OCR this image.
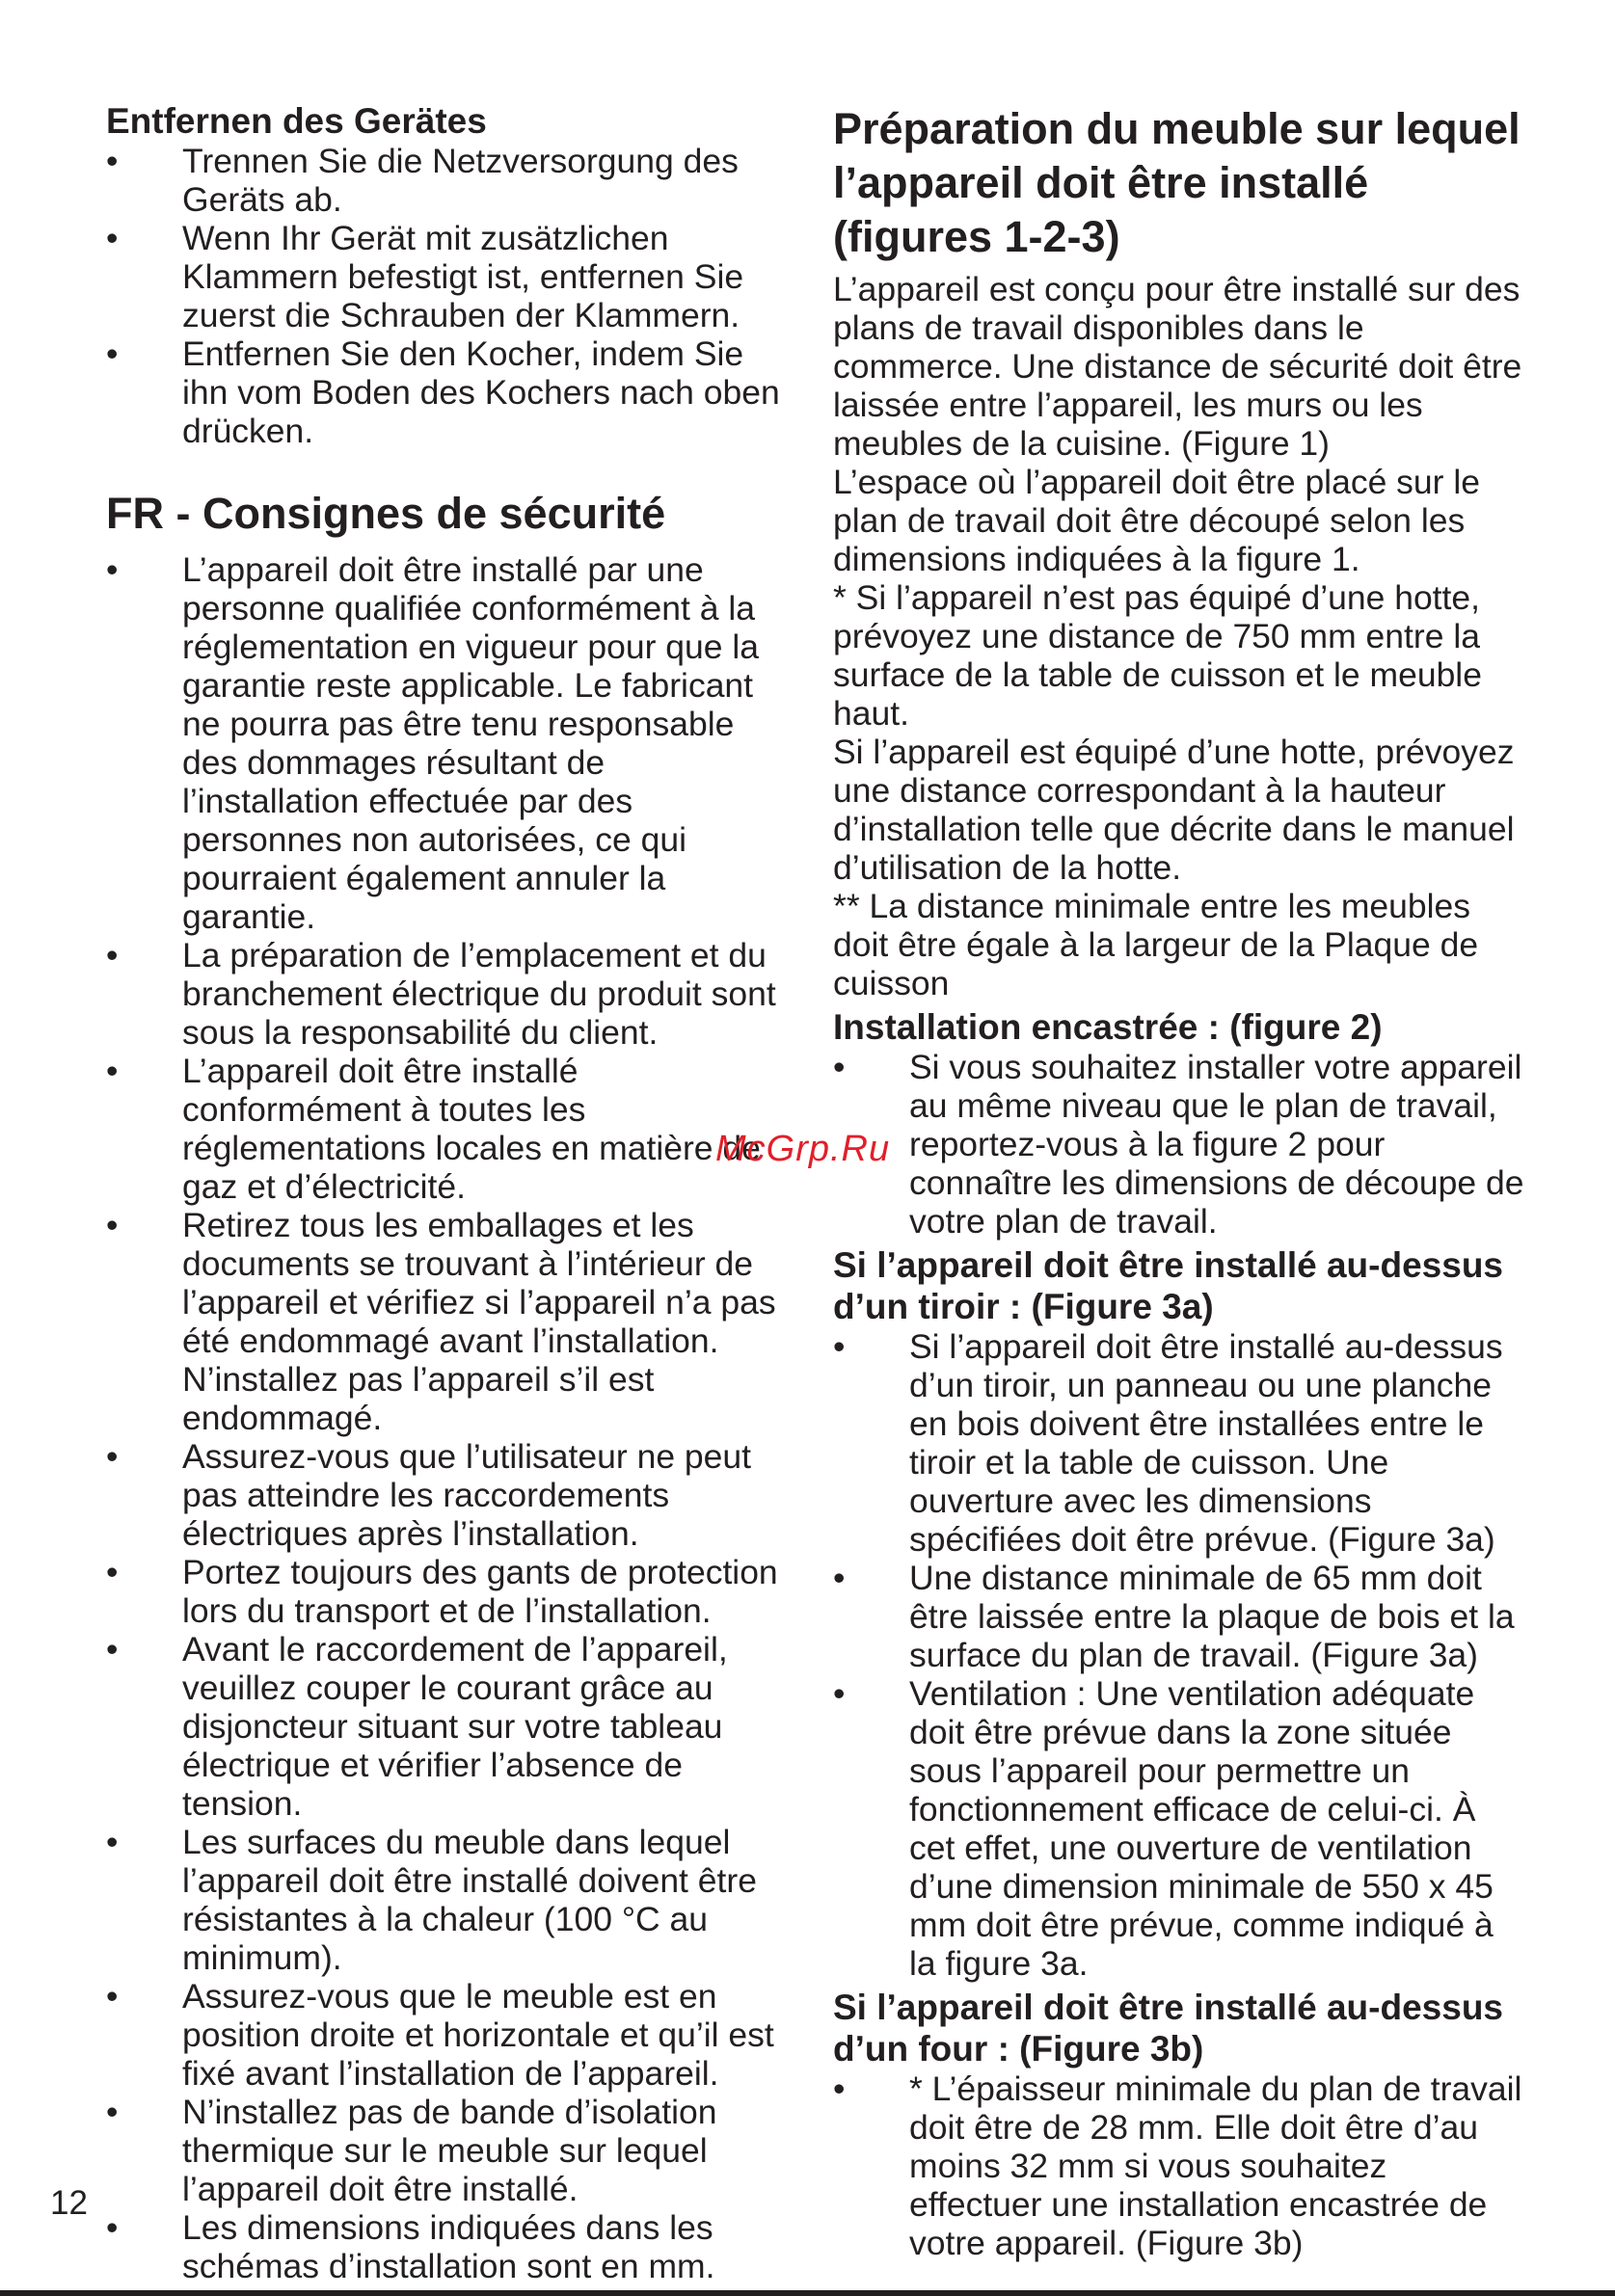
Entfernen des Gerätes
• Trennen Sie die Netzversorgung des Geräts ab.
• Wenn Ihr Gerät mit zusätzlichen Klammern befestigt ist, entfernen Sie zuerst die Schrauben der Klammern.
• Entfernen Sie den Kocher, indem Sie ihn vom Boden des Kochers nach oben drücken.
FR - Consignes de sécurité
• L’appareil doit être installé par une personne qualifiée conformément à la réglementation en vigueur pour que la garantie reste applicable. Le fabricant ne pourra pas être tenu responsable des dommages résultant de l’installation effectuée par des personnes non autorisées, ce qui pourraient également annuler la garantie.
• La préparation de l’emplacement et du branchement électrique du produit sont sous la responsabilité du client.
• L’appareil doit être installé conformément à toutes les réglementations locales en matière de gaz et d’électricité.
• Retirez tous les emballages et les documents se trouvant à l’intérieur de l’appareil et vérifiez si l’appareil n’a pas été endommagé avant l’installation. N’installez pas l’appareil s’il est endommagé.
• Assurez-vous que l’utilisateur ne peut pas atteindre les raccordements électriques après l’installation.
• Portez toujours des gants de protection lors du transport et de l’installation.
• Avant le raccordement de l’appareil, veuillez couper le courant grâce au disjoncteur situant sur votre tableau électrique et vérifier l’absence de tension.
• Les surfaces du meuble dans lequel l’appareil doit être installé doivent être résistantes à la chaleur (100 °C au minimum).
• Assurez-vous que le meuble est en position droite et horizontale et qu’il est fixé avant l’installation de l’appareil.
• N’installez pas de bande d’isolation thermique sur le meuble sur lequel l’appareil doit être installé.
• Les dimensions indiquées dans les schémas d’installation sont en mm.
Préparation du meuble sur lequel l’appareil doit être installé (figures 1-2-3)

L’appareil est conçu pour être installé sur des plans de travail disponibles dans le commerce. Une distance de sécurité doit être laissée entre l’appareil, les murs ou les meubles de la cuisine. (Figure 1)

L’espace où l’appareil doit être placé sur le plan de travail doit être découpé selon les dimensions indiquées à la figure 1.

* Si l’appareil n’est pas équipé d’une hotte, prévoyez une distance de 750 mm entre la surface de la table de cuisson et le meuble haut.

Si l’appareil est équipé d’une hotte, prévoyez une distance correspondant à la hauteur d’installation telle que décrite dans le manuel d’utilisation de la hotte.

** La distance minimale entre les meubles doit être égale à la largeur de la Plaque de cuisson

Installation encastrée : (figure 2)
• Si vous souhaitez installer votre appareil au même niveau que le plan de travail, reportez-vous à la figure 2 pour connaître les dimensions de découpe de votre plan de travail.
Si l’appareil doit être installé au-dessus d’un tiroir : (Figure 3a)
• Si l’appareil doit être installé au-dessus d’un tiroir, un panneau ou une planche en bois doivent être installées entre le tiroir et la table de cuisson. Une ouverture avec les dimensions spécifiées doit être prévue. (Figure 3a)
• Une distance minimale de 65 mm doit être laissée entre la plaque de bois et la surface du plan de travail. (Figure 3a)
• Ventilation : Une ventilation adéquate doit être prévue dans la zone située sous l’appareil pour permettre un fonctionnement efficace de celui-ci. À cet effet, une ouverture de ventilation d’une dimension minimale de 550 x 45 mm doit être prévue, comme indiqué à la figure 3a.
Si l’appareil doit être installé au-dessus d’un four : (Figure 3b)
• * L’épaisseur minimale du plan de travail doit être de 28 mm. Elle doit être d’au moins 32 mm si vous souhaitez effectuer une installation encastrée de votre appareil. (Figure 3b)
12
McGrp.Ru
